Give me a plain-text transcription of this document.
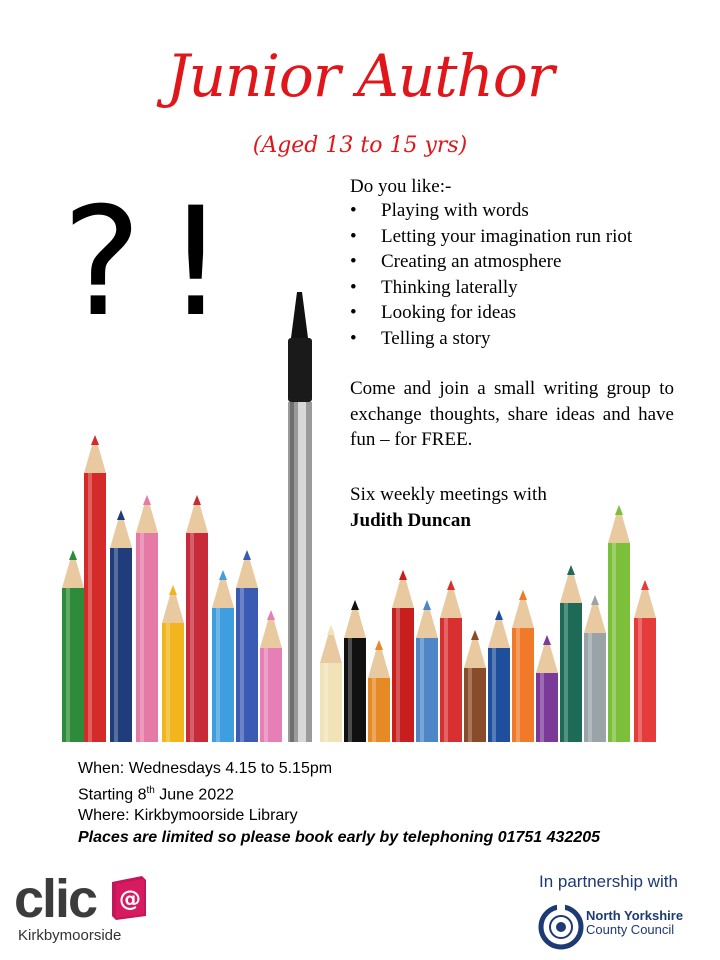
Junior Author
(Aged 13 to 15 yrs)
?!	Do you like:-
•	Playing with words
•	Letting your imagination run riot
•	Creating an atmosphere
•	Thinking laterally
•	Looking for ideas
•	Telling a story

Come and join a small writing group to exchange thoughts, share ideas and have fun – for FREE.

Six weekly meetings with
Judith Duncan
When: Wednesdays 4.15 to 5.15pm
Starting 8th June 2022
Where: Kirkbymoorside Library
Places are limited so please book early by telephoning 01751 432205
clic @
Kirkbymoorside
In partnership with
North Yorkshire
County Council
